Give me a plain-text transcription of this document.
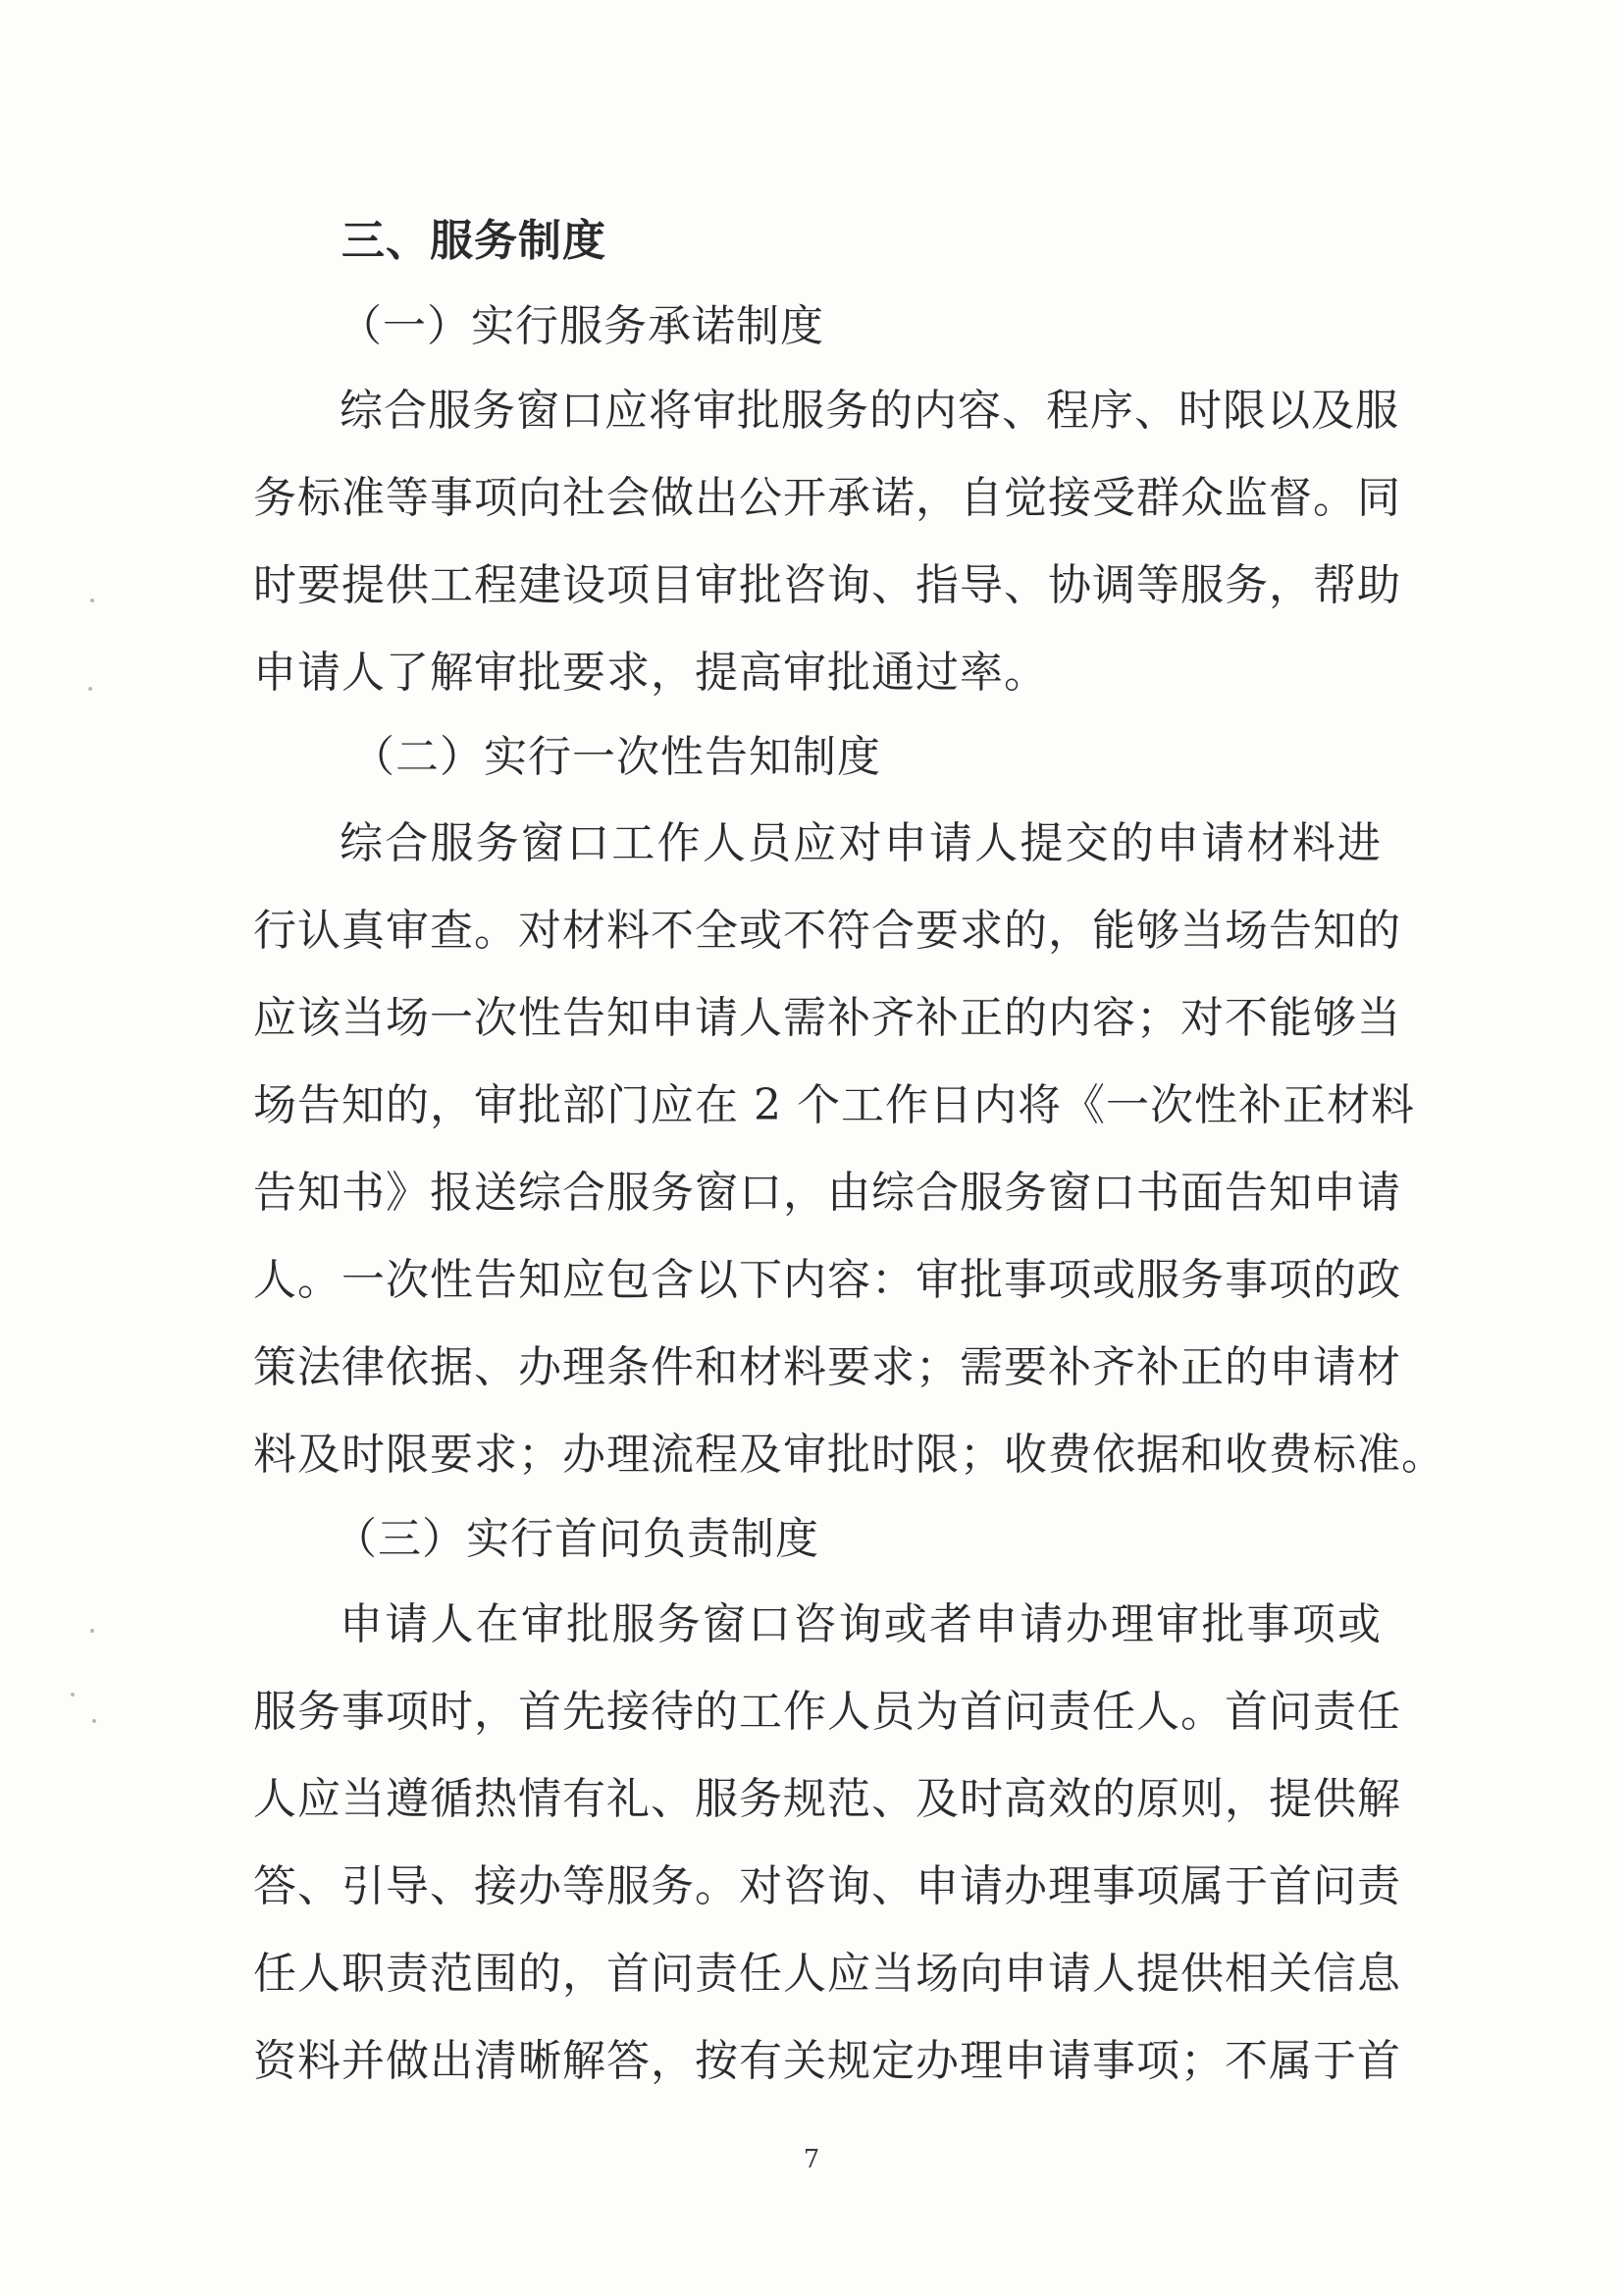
三、服务制度
（一）实行服务承诺制度
综合服务窗口应将审批服务的内容、程序、时限以及服
务标准等事项向社会做出公开承诺，自觉接受群众监督。同
时要提供工程建设项目审批咨询、指导、协调等服务，帮助
申请人了解审批要求，提高审批通过率。
（二）实行一次性告知制度
综合服务窗口工作人员应对申请人提交的申请材料进
行认真审查。对材料不全或不符合要求的，能够当场告知的
应该当场一次性告知申请人需补齐补正的内容；对不能够当
场告知的，审批部门应在 2 个工作日内将《一次性补正材料
告知书》报送综合服务窗口，由综合服务窗口书面告知申请
人。一次性告知应包含以下内容：审批事项或服务事项的政
策法律依据、办理条件和材料要求；需要补齐补正的申请材
料及时限要求；办理流程及审批时限；收费依据和收费标准。
（三）实行首问负责制度
申请人在审批服务窗口咨询或者申请办理审批事项或
服务事项时，首先接待的工作人员为首问责任人。首问责任
人应当遵循热情有礼、服务规范、及时高效的原则，提供解
答、引导、接办等服务。对咨询、申请办理事项属于首问责
任人职责范围的，首问责任人应当场向申请人提供相关信息
资料并做出清晰解答，按有关规定办理申请事项；不属于首
7
